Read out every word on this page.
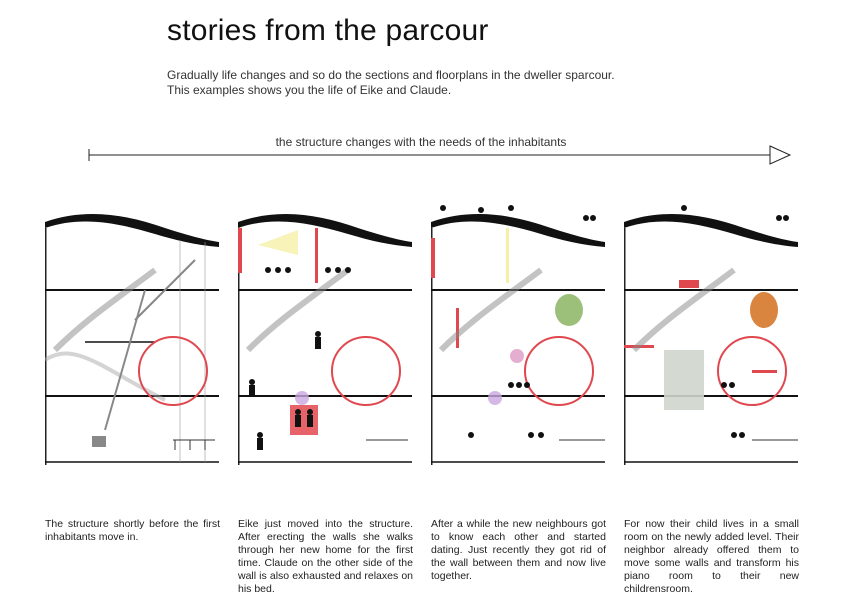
stories from the parcour
Gradually life changes and so do the sections and floorplans in the dweller sparcour.
This examples shows you the life of Eike and Claude.
the structure changes with the needs of the inhabitants
The structure shortly before the first inhabitants move in.
Eike just moved into the structure. After erecting the walls she walks through her new home for the first time. Claude on the other side of the wall is also exhausted and relaxes on his bed.
After a while the new neighbours got to know each other and started dating. Just recently they got rid of the wall between them and now live together.
For now their child lives in a small room on the newly added level. Their neighbor already offered them to move some walls and transform his piano room to their new childrensroom.
